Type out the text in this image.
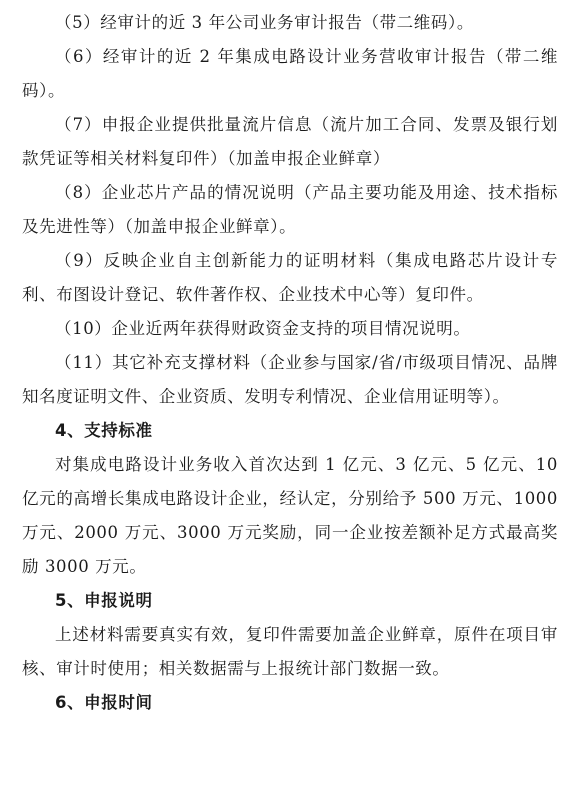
（5）经审计的近 3 年公司业务审计报告（带二维码）。

（6）经审计的近 2 年集成电路设计业务营收审计报告（带二维码）。

（7）申报企业提供批量流片信息（流片加工合同、发票及银行划款凭证等相关材料复印件）（加盖申报企业鲜章）

（8）企业芯片产品的情况说明（产品主要功能及用途、技术指标及先进性等）（加盖申报企业鲜章）。

（9）反映企业自主创新能力的证明材料（集成电路芯片设计专利、布图设计登记、软件著作权、企业技术中心等）复印件。

（10）企业近两年获得财政资金支持的项目情况说明。

（11）其它补充支撑材料（企业参与国家/省/市级项目情况、品牌知名度证明文件、企业资质、发明专利情况、企业信用证明等）。

4、支持标准

对集成电路设计业务收入首次达到 1 亿元、3 亿元、5 亿元、10 亿元的高增长集成电路设计企业，经认定，分别给予 500 万元、1000 万元、2000 万元、3000 万元奖励，同一企业按差额补足方式最高奖励 3000 万元。

5、申报说明

上述材料需要真实有效，复印件需要加盖企业鲜章，原件在项目审核、审计时使用；相关数据需与上报统计部门数据一致。

6、申报时间
